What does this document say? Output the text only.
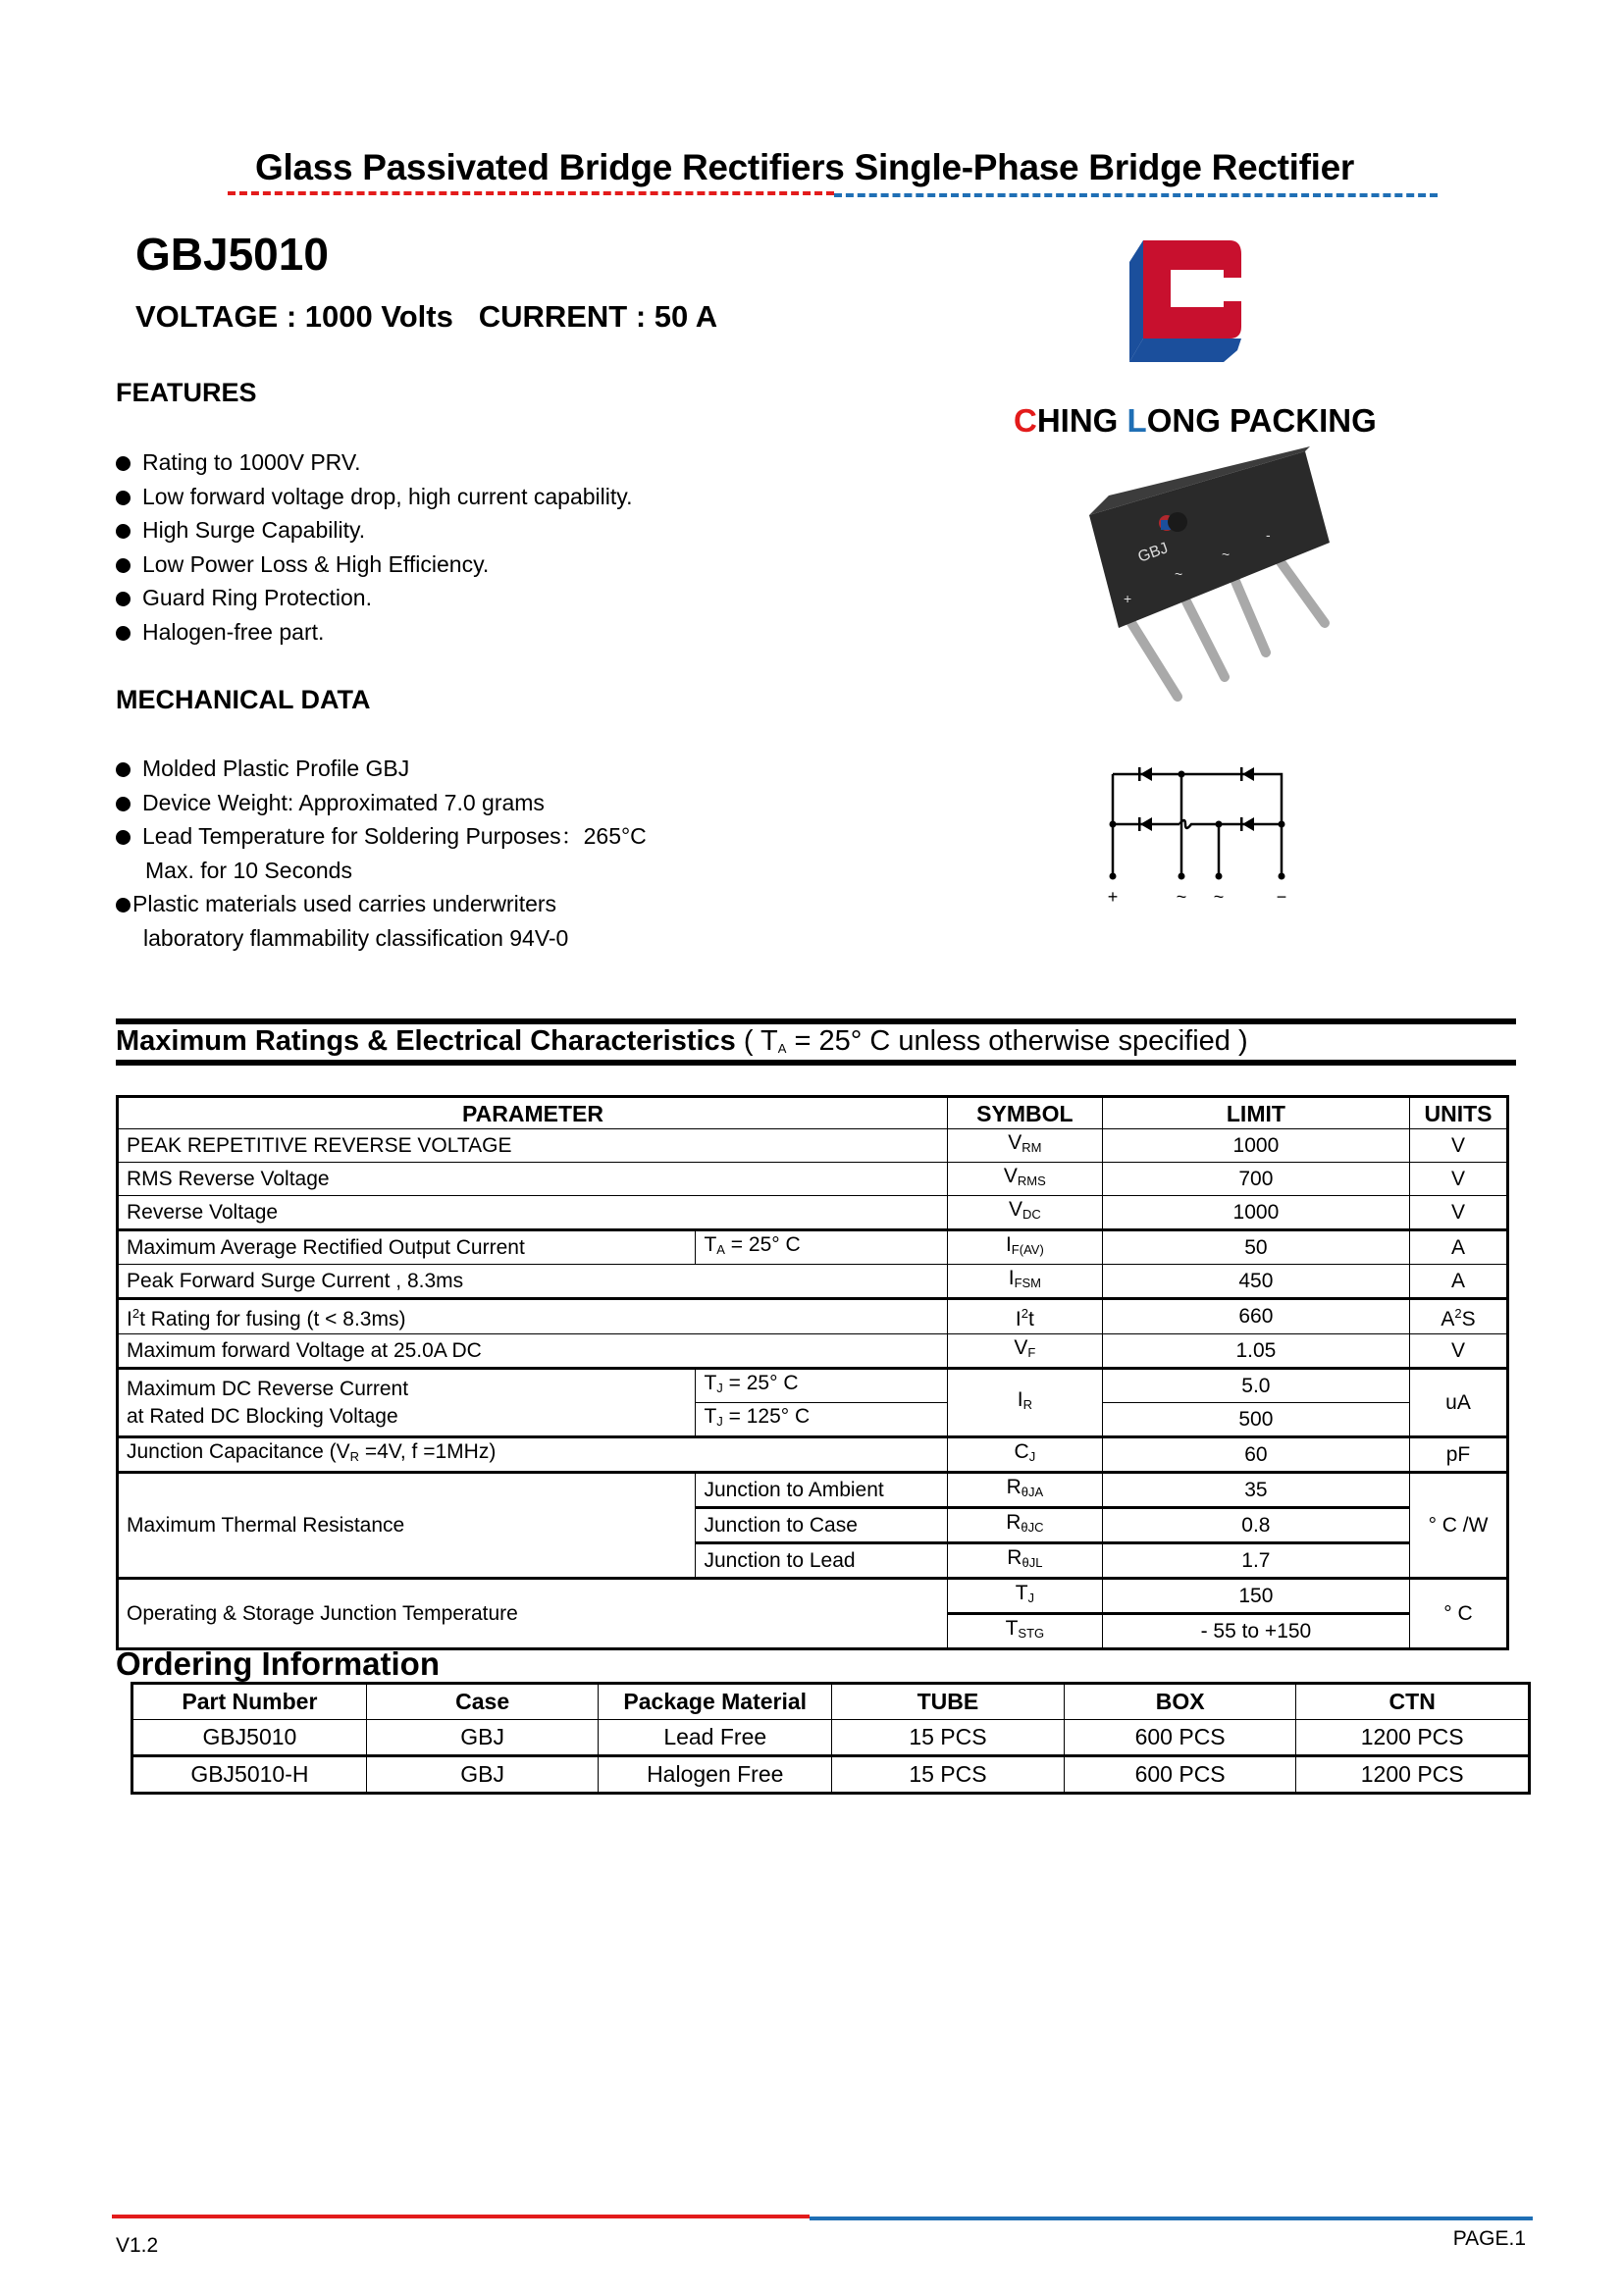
Glass Passivated Bridge Rectifiers Single-Phase Bridge Rectifier
GBJ5010
VOLTAGE : 1000 Volts   CURRENT : 50 A
CHING LONG PACKING
GBJ
+
~
~
-
+	~ ~	−
FEATURES
Rating to 1000V PRV.
Low forward voltage drop, high current capability.
High Surge Capability.
Low Power Loss & High Efficiency.
Guard Ring Protection.
Halogen-free part.
MECHANICAL DATA
Molded Plastic Profile GBJ
Device Weight: Approximated 7.0 grams
Lead Temperature for Soldering Purposes：265°C
Max. for 10 Seconds
Plastic materials used carries underwriters
laboratory flammability classification 94V-0
Maximum Ratings & Electrical Characteristics ( $T_A = 25^\circ$ C unless otherwise specified )
PARAMETER		SYMBOL	LIMIT	UNITS
PEAK REPETITIVE REVERSE VOLTAGE		$V_{RM}$	1000	V
RMS Reverse Voltage		$V_{RMS}$	700	V
Reverse Voltage		$V_{DC}$	1000	V
Maximum Average Rectified Output Current	$T_A = 25^\circ$ C	$I_{F(AV)}$	50	A
Peak Forward Surge Current , 8.3ms		$I_{FSM}$	450	A
$I^2t$ Rating for fusing (t < 8.3ms)		$I^2t$	660	$A^2S$
Maximum forward Voltage at 25.0A DC		$V_F$	1.05	V

Maximum DC Reverse Current
at Rated DC Blocking Voltage	$T_J = 25^\circ$ C	$I_R$	5.0	uA
	$T_J = 125^\circ$ C		500	
Junction Capacitance ($V_R =4V$, f =1MHz)		$C_J$	60	pF
Maximum Thermal Resistance	Junction to Ambient	$R_{\theta JA}$	35	° C /W
	Junction to Case	$R_{\theta JC}$	0.8	
	Junction to Lead	$R_{\theta JL}$	1.7	
Operating & Storage Junction Temperature		$T_J$	150	° C
		$T_{STG}$	- 55 to +150	
Ordering Information
Part Number	Case	Package Material	TUBE	BOX	CTN
GBJ5010	GBJ	Lead Free	15 PCS	600 PCS	1200 PCS
GBJ5010-H	GBJ	Halogen Free	15 PCS	600 PCS	1200 PCS
V1.2	PAGE.1
